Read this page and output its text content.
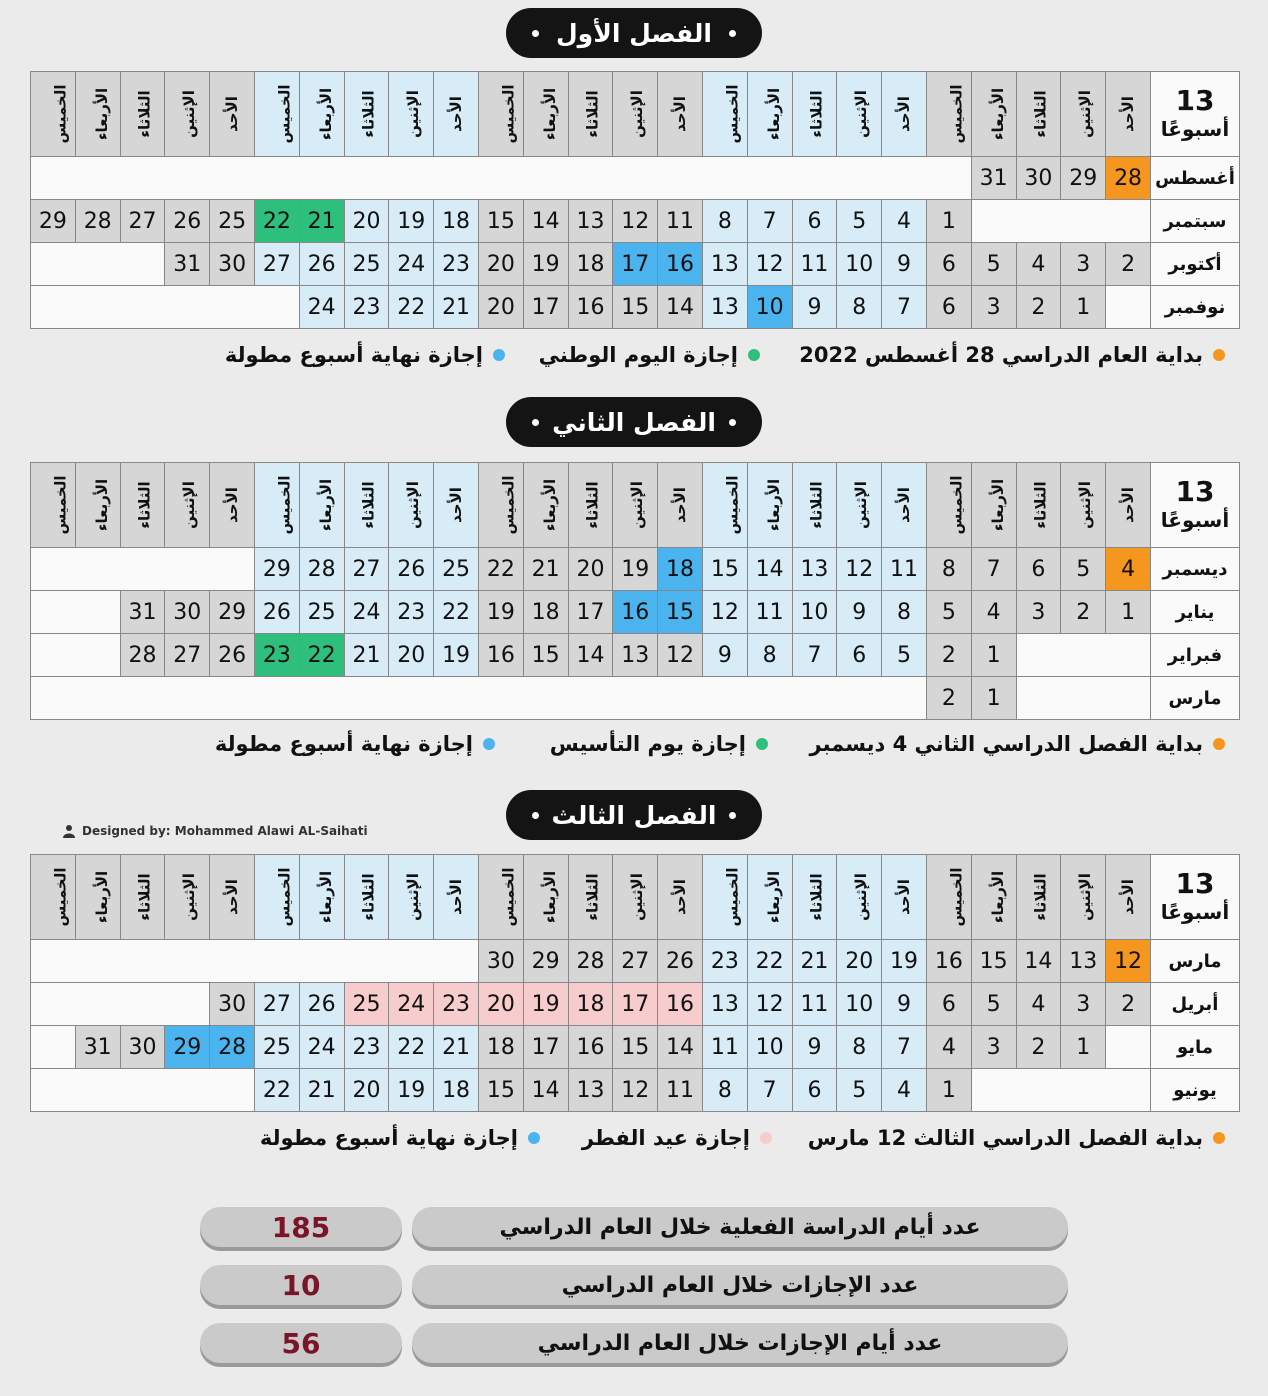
الفصل الأول
الخميس	الأربعاء	الثلاثاء	الإثنين	الأحد	الخميس	الأربعاء	الثلاثاء	الإثنين	الأحد	الخميس	الأربعاء	الثلاثاء	الإثنين	الأحد	الخميس	الأربعاء	الثلاثاء	الإثنين	الأحد	الخميس	الأربعاء	الثلاثاء	الإثنين	الأحد	13
أسبوعًا

																					31	30	29	28	أغسطس
29	28	27	26	25	22	21	20	19	18	15	14	13	12	11	8	7	6	5	4	1					سبتمبر
			31	30	27	26	25	24	23	20	19	18	17	16	13	12	11	10	9	6	5	4	3	2	أكتوبر
						24	23	22	21	20	17	16	15	14	13	10	9	8	7	6	3	2	1		نوفمبر
بداية العام الدراسي 28 أغسطس 2022
إجازة اليوم الوطني
إجازة نهاية أسبوع مطولة
الفصل الثاني
الخميس	الأربعاء	الثلاثاء	الإثنين	الأحد	الخميس	الأربعاء	الثلاثاء	الإثنين	الأحد	الخميس	الأربعاء	الثلاثاء	الإثنين	الأحد	الخميس	الأربعاء	الثلاثاء	الإثنين	الأحد	الخميس	الأربعاء	الثلاثاء	الإثنين	الأحد	13
أسبوعًا

					29	28	27	26	25	22	21	20	19	18	15	14	13	12	11	8	7	6	5	4	ديسمبر
		31	30	29	26	25	24	23	22	19	18	17	16	15	12	11	10	9	8	5	4	3	2	1	يناير
		28	27	26	23	22	21	20	19	16	15	14	13	12	9	8	7	6	5	2	1				فبراير
																				2	1				مارس
بداية الفصل الدراسي الثاني 4 ديسمبر
إجازة يوم التأسيس
إجازة نهاية أسبوع مطولة
الفصل الثالث
Designed by: Mohammed Alawi AL-Saihati
الخميس	الأربعاء	الثلاثاء	الإثنين	الأحد	الخميس	الأربعاء	الثلاثاء	الإثنين	الأحد	الخميس	الأربعاء	الثلاثاء	الإثنين	الأحد	الخميس	الأربعاء	الثلاثاء	الإثنين	الأحد	الخميس	الأربعاء	الثلاثاء	الإثنين	الأحد	13
أسبوعًا

										30	29	28	27	26	23	22	21	20	19	16	15	14	13	12	مارس
				30	27	26	25	24	23	20	19	18	17	16	13	12	11	10	9	6	5	4	3	2	أبريل
	31	30	29	28	25	24	23	22	21	18	17	16	15	14	11	10	9	8	7	4	3	2	1		مايو
					22	21	20	19	18	15	14	13	12	11	8	7	6	5	4	1					يونيو
بداية الفصل الدراسي الثالث 12 مارس
إجازة عيد الفطر
إجازة نهاية أسبوع مطولة
185	عدد أيام الدراسة الفعلية خلال العام الدراسي
10	عدد الإجازات خلال العام الدراسي
56	عدد أيام الإجازات خلال العام الدراسي
